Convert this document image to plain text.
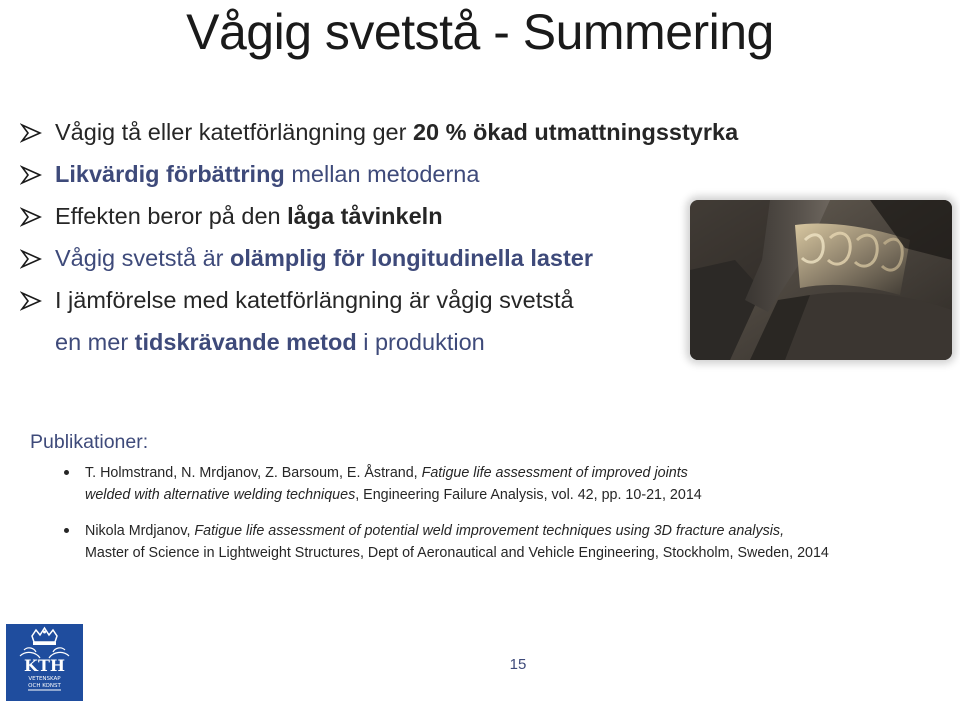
Vågig svetstå - Summering
Vågig tå eller katetförlängning ger 20 % ökad utmattningsstyrka
Likvärdig förbättring mellan metoderna
Effekten beror på den låga tåvinkeln
Vågig svetstå är olämplig för longitudinella laster
I jämförelse med katetförlängning är vågig svetstå
en mer tidskrävande metod i produktion
Publikationer:
T. Holmstrand, N. Mrdjanov, Z. Barsoum, E. Åstrand, Fatigue life assessment of improved joints
welded with alternative welding techniques, Engineering Failure Analysis, vol. 42, pp. 10-21, 2014
Nikola Mrdjanov, Fatigue life assessment of potential weld improvement techniques using 3D fracture analysis,
Master of Science in Lightweight Structures, Dept of Aeronautical and Vehicle Engineering, Stockholm, Sweden, 2014
KTH
VETENSKAP
OCH KONST
15
